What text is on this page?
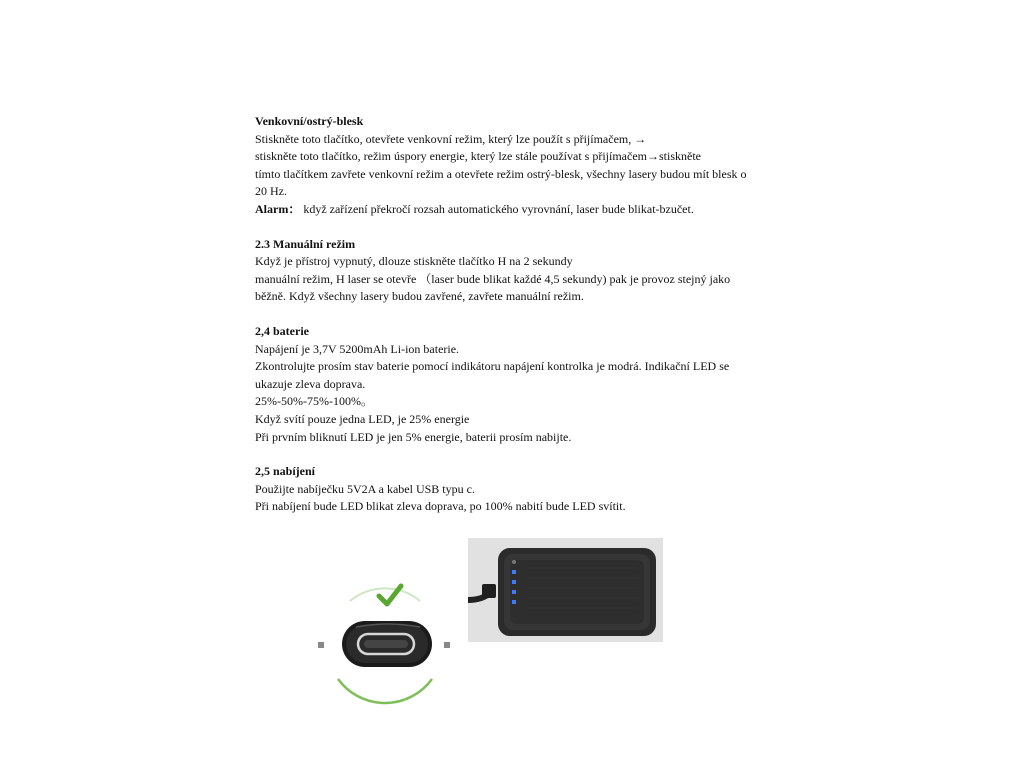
Venkovní/ostrý-blesk
Stiskněte toto tlačítko, otevřete venkovní režim, který lze použít s přijímačem, →
stiskněte toto tlačítko, režim úspory energie, který lze stále používat s přijímačem→stiskněte
tímto tlačítkem zavřete venkovní režim a otevřete režim ostrý-blesk, všechny lasery budou mít blesk o
20 Hz.
Alarm： když zařízení překročí rozsah automatického vyrovnání, laser bude blikat-bzučet.
2.3 Manuální režim
Když je přístroj vypnutý, dlouze stiskněte tlačítko H na 2 sekundy
manuální režim, H laser se otevře （laser bude blikat každé 4,5 sekundy) pak je provoz stejný jako
běžně. Když všechny lasery budou zavřené, zavřete manuální režim.
2,4 baterie
Napájení je 3,7V 5200mAh Li-ion baterie.
Zkontrolujte prosím stav baterie pomocí indikátoru napájení kontrolka je modrá. Indikační LED se
ukazuje zleva doprava.
25%-50%-75%-100%。
Když svítí pouze jedna LED, je 25% energie
Při prvním bliknutí LED je jen 5% energie, baterii prosím nabijte.
2,5 nabíjení
Použijte nabíječku 5V2A a kabel USB typu c.
Při nabíjení bude LED blikat zleva doprava, po 100% nabití bude LED svítit.
